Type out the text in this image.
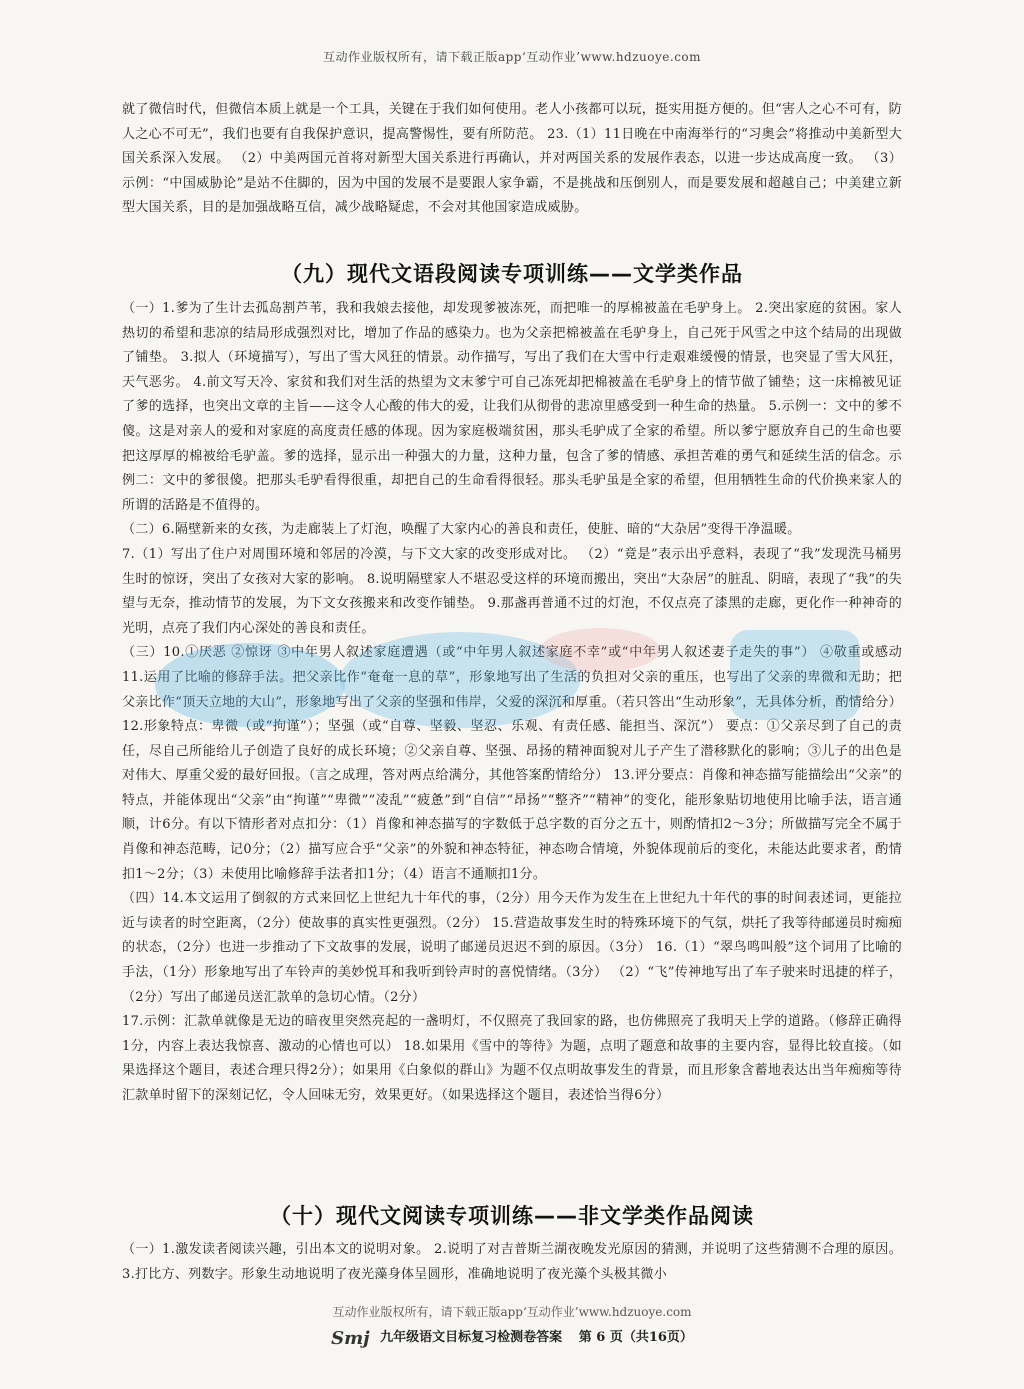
互动作业版权所有，请下载正版app‘互动作业’www.hdzuoye.com

就了微信时代，但微信本质上就是一个工具，关键在于我们如何使用。老人小孩都可以玩，挺实用挺方便的。但“害人之心不可有，防人之心不可无”，我们也要有自我保护意识，提高警惕性，要有所防范。 23.（1）11日晚在中南海举行的“习奥会”将推动中美新型大国关系深入发展。 （2）中美两国元首将对新型大国关系进行再确认，并对两国关系的发展作表态，以进一步达成高度一致。 （3）示例：“中国威胁论”是站不住脚的，因为中国的发展不是要跟人家争霸，不是挑战和压倒别人，而是要发展和超越自己；中美建立新型大国关系，目的是加强战略互信，减少战略疑虑，不会对其他国家造成威胁。

（九）现代文语段阅读专项训练——文学类作品

（一）1.爹为了生计去孤岛割芦苇，我和我娘去接他，却发现爹被冻死，而把唯一的厚棉被盖在毛驴身上。 2.突出家庭的贫困。家人热切的希望和悲凉的结局形成强烈对比，增加了作品的感染力。也为父亲把棉被盖在毛驴身上，自己死于风雪之中这个结局的出现做了铺垫。 3.拟人（环境描写），写出了雪大风狂的情景。动作描写，写出了我们在大雪中行走艰难缓慢的情景，也突显了雪大风狂，天气恶劣。 4.前文写天冷、家贫和我们对生活的热望为文末爹宁可自己冻死却把棉被盖在毛驴身上的情节做了铺垫；这一床棉被见证了爹的选择，也突出文章的主旨——这令人心酸的伟大的爱，让我们从彻骨的悲凉里感受到一种生命的热量。 5.示例一：文中的爹不傻。这是对亲人的爱和对家庭的高度责任感的体现。因为家庭极端贫困，那头毛驴成了全家的希望。所以爹宁愿放弃自己的生命也要把这厚厚的棉被给毛驴盖。爹的选择，显示出一种强大的力量，这种力量，包含了爹的情感、承担苦难的勇气和延续生活的信念。示例二：文中的爹很傻。把那头毛驴看得很重，却把自己的生命看得很轻。那头毛驴虽是全家的希望，但用牺牲生命的代价换来家人的所谓的活路是不值得的。

（二）6.隔壁新来的女孩，为走廊装上了灯泡，唤醒了大家内心的善良和责任，使脏、暗的“大杂居”变得干净温暖。

7.（1）写出了住户对周围环境和邻居的冷漠，与下文大家的改变形成对比。 （2）“竟是”表示出乎意料，表现了“我”发现洗马桶男生时的惊讶，突出了女孩对大家的影响。 8.说明隔壁家人不堪忍受这样的环境而搬出，突出“大杂居”的脏乱、阴暗，表现了“我”的失望与无奈，推动情节的发展，为下文女孩搬来和改变作铺垫。 9.那盏再普通不过的灯泡，不仅点亮了漆黑的走廊，更化作一种神奇的光明，点亮了我们内心深处的善良和责任。

（三）10.①厌恶 ②惊讶 ③中年男人叙述家庭遭遇（或“中年男人叙述家庭不幸”或“中年男人叙述妻子走失的事”） ④敬重或感动 11.运用了比喻的修辞手法。把父亲比作“奄奄一息的草”，形象地写出了生活的负担对父亲的重压，也写出了父亲的卑微和无助；把父亲比作“顶天立地的大山”，形象地写出了父亲的坚强和伟岸，父爱的深沉和厚重。（若只答出“生动形象”，无具体分析，酌情给分） 12.形象特点：卑微（或“拘谨”）；坚强（或“自尊、坚毅、坚忍、乐观、有责任感、能担当、深沉”） 要点：①父亲尽到了自己的责任，尽自己所能给儿子创造了良好的成长环境；②父亲自尊、坚强、昂扬的精神面貌对儿子产生了潜移默化的影响；③儿子的出色是对伟大、厚重父爱的最好回报。（言之成理，答对两点给满分，其他答案酌情给分） 13.评分要点：肖像和神态描写能描绘出“父亲”的特点，并能体现出“父亲”由“拘谨”“卑微”“凌乱”“疲惫”到“自信”“昂扬”“整齐”“精神”的变化，能形象贴切地使用比喻手法，语言通顺，计6分。有以下情形者对点扣分：（1）肖像和神态描写的字数低于总字数的百分之五十，则酌情扣2～3分；所做描写完全不属于肖像和神态范畴，记0分；（2）描写应合乎“父亲”的外貌和神态特征，神态吻合情境，外貌体现前后的变化，未能达此要求者，酌情扣1～2分；（3）未使用比喻修辞手法者扣1分；（4）语言不通顺扣1分。

（四）14.本文运用了倒叙的方式来回忆上世纪九十年代的事，（2分）用今天作为发生在上世纪九十年代的事的时间表述词，更能拉近与读者的时空距离，（2分）使故事的真实性更强烈。（2分） 15.营造故事发生时的特殊环境下的气氛，烘托了我等待邮递员时痴痴的状态，（2分）也进一步推动了下文故事的发展，说明了邮递员迟迟不到的原因。（3分） 16.（1）“翠鸟鸣叫般”这个词用了比喻的手法，（1分）形象地写出了车铃声的美妙悦耳和我听到铃声时的喜悦情绪。（3分） （2）“飞”传神地写出了车子驶来时迅捷的样子，（2分）写出了邮递员送汇款单的急切心情。（2分）

17.示例：汇款单就像是无边的暗夜里突然亮起的一盏明灯，不仅照亮了我回家的路，也仿佛照亮了我明天上学的道路。（修辞正确得1分，内容上表达我惊喜、激动的心情也可以） 18.如果用《雪中的等待》为题，点明了题意和故事的主要内容，显得比较直接。（如果选择这个题目，表述合理只得2分）；如果用《白象似的群山》为题不仅点明故事发生的背景，而且形象含蓄地表达出当年痴痴等待汇款单时留下的深刻记忆，令人回味无穷，效果更好。（如果选择这个题目，表述恰当得6分）

（十）现代文阅读专项训练——非文学类作品阅读

（一）1.激发读者阅读兴趣，引出本文的说明对象。 2.说明了对吉普斯兰湖夜晚发光原因的猜测，并说明了这些猜测不合理的原因。 3.打比方、列数字。形象生动地说明了夜光藻身体呈圆形，准确地说明了夜光藻个头极其微小

互动作业版权所有，请下载正版app‘互动作业’www.hdzuoye.com
Smj 九年级语文目标复习检测卷答案 第 6 页（共16页）
